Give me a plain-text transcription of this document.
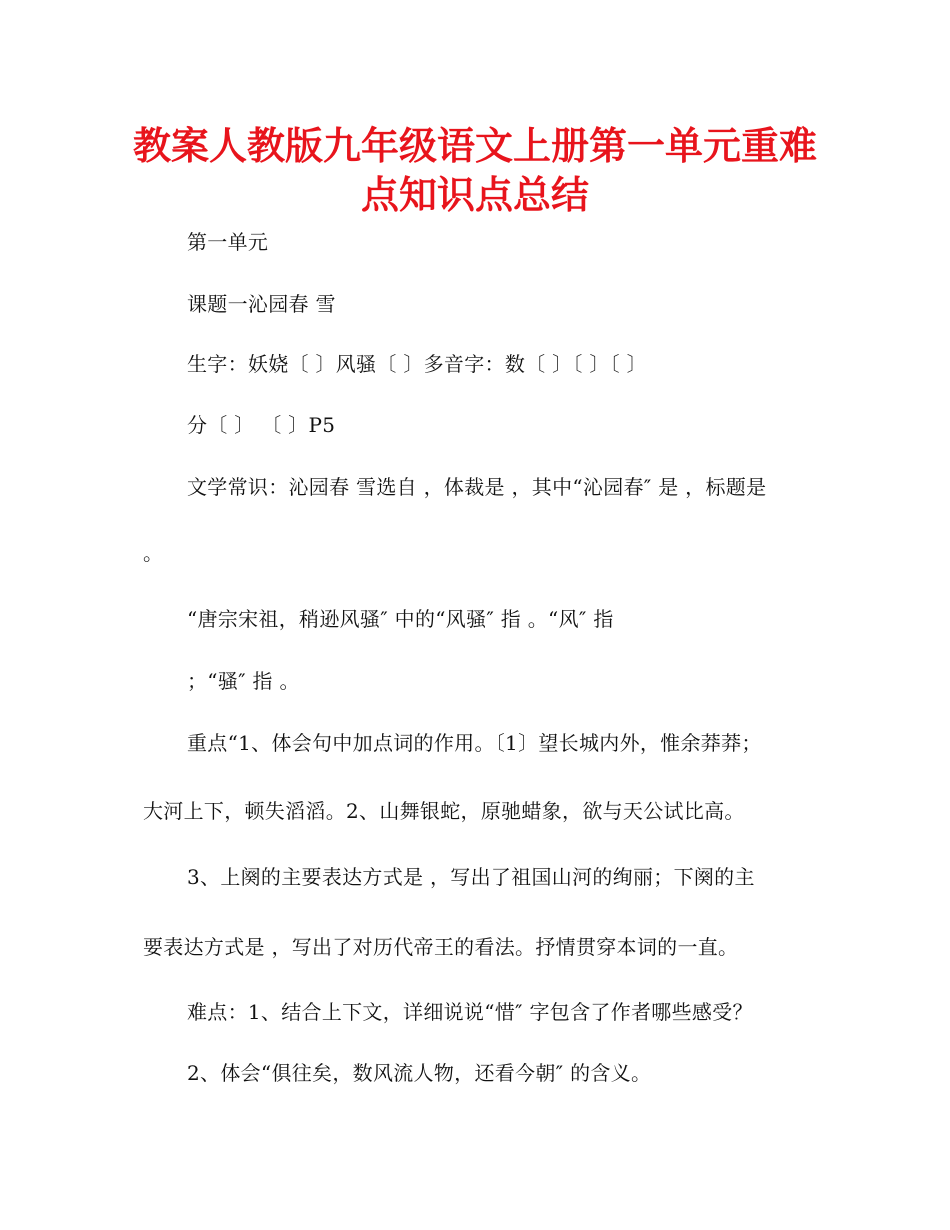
教案人教版九年级语文上册第一单元重难
点知识点总结
第一单元
课题一沁园春 雪
生字：妖娆〔 〕风骚〔 〕多音字：数〔 〕〔 〕〔 〕
分〔 〕 〔 〕P5
文学常识：沁园春 雪选自 ，体裁是 ，其中“沁园春″ 是 ，标题是
。
“唐宗宋祖，稍逊风骚″ 中的“风骚″ 指 。“风″ 指
；“骚″ 指 。
重点“1、体会句中加点词的作用。〔1〕望长城内外，惟余莽莽；
大河上下，顿失滔滔。2、山舞银蛇，原驰蜡象，欲与天公试比高。
3、上阕的主要表达方式是 ，写出了祖国山河的绚丽；下阕的主
要表达方式是 ，写出了对历代帝王的看法。抒情贯穿本词的一直。
难点：1、结合上下文，详细说说“惜″ 字包含了作者哪些感受？
2、体会“俱往矣，数风流人物，还看今朝″ 的含义。
